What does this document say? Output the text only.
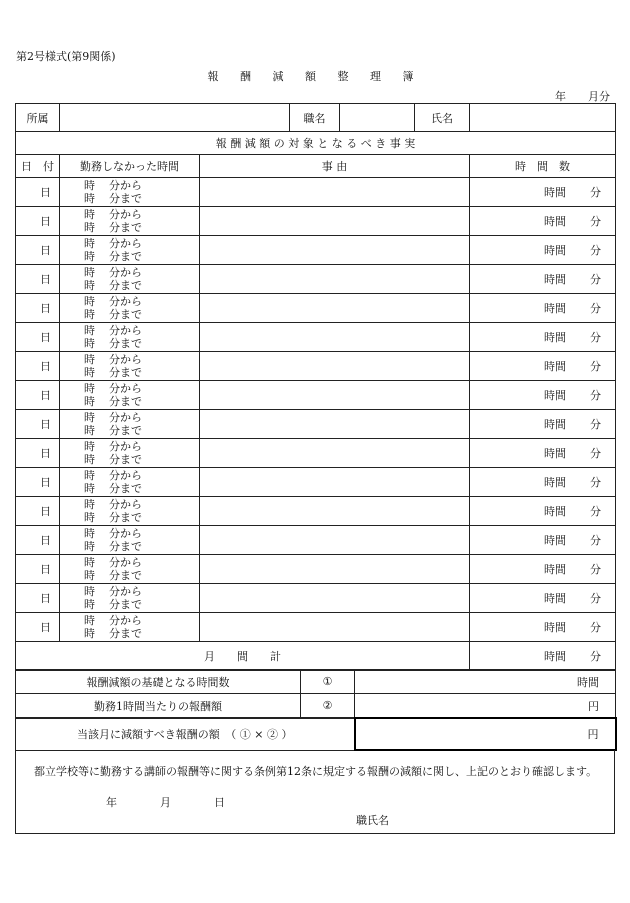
第2号様式(第9関係)
報 酬 減 額 整 理 簿
年 月分
所属			職名		氏名	
報 酬 減 額 の 対 象 と な る べ き 事 実						
日　付	勤務しなかった時間	事 由				時　間　数
日	時 分から
時 分まで					時間 分
日	時 分から
時 分まで					時間 分
日	時 分から
時 分まで					時間 分
日	時 分から
時 分まで					時間 分
日	時 分から
時 分まで					時間 分
日	時 分から
時 分まで					時間 分
日	時 分から
時 分まで					時間 分
日	時 分から
時 分まで					時間 分
日	時 分から
時 分まで					時間 分
日	時 分から
時 分まで					時間 分
日	時 分から
時 分まで					時間 分
日	時 分から
時 分まで					時間 分
日	時 分から
時 分まで					時間 分
日	時 分から
時 分まで					時間 分
日	時 分から
時 分まで					時間 分
日	時 分から
時 分まで					時間 分
月　　間　　計						時間 分
報酬減額の基礎となる時間数	①	時間
勤務1時間当たりの報酬額	②	円
当該月に減額すべき報酬の額　（ ① × ② ）	円
都立学校等に勤務する講師の報酬等に関する条例第12条に規定する報酬の減額に関し、上記のとおり確認します。
年	月	日
職氏名
